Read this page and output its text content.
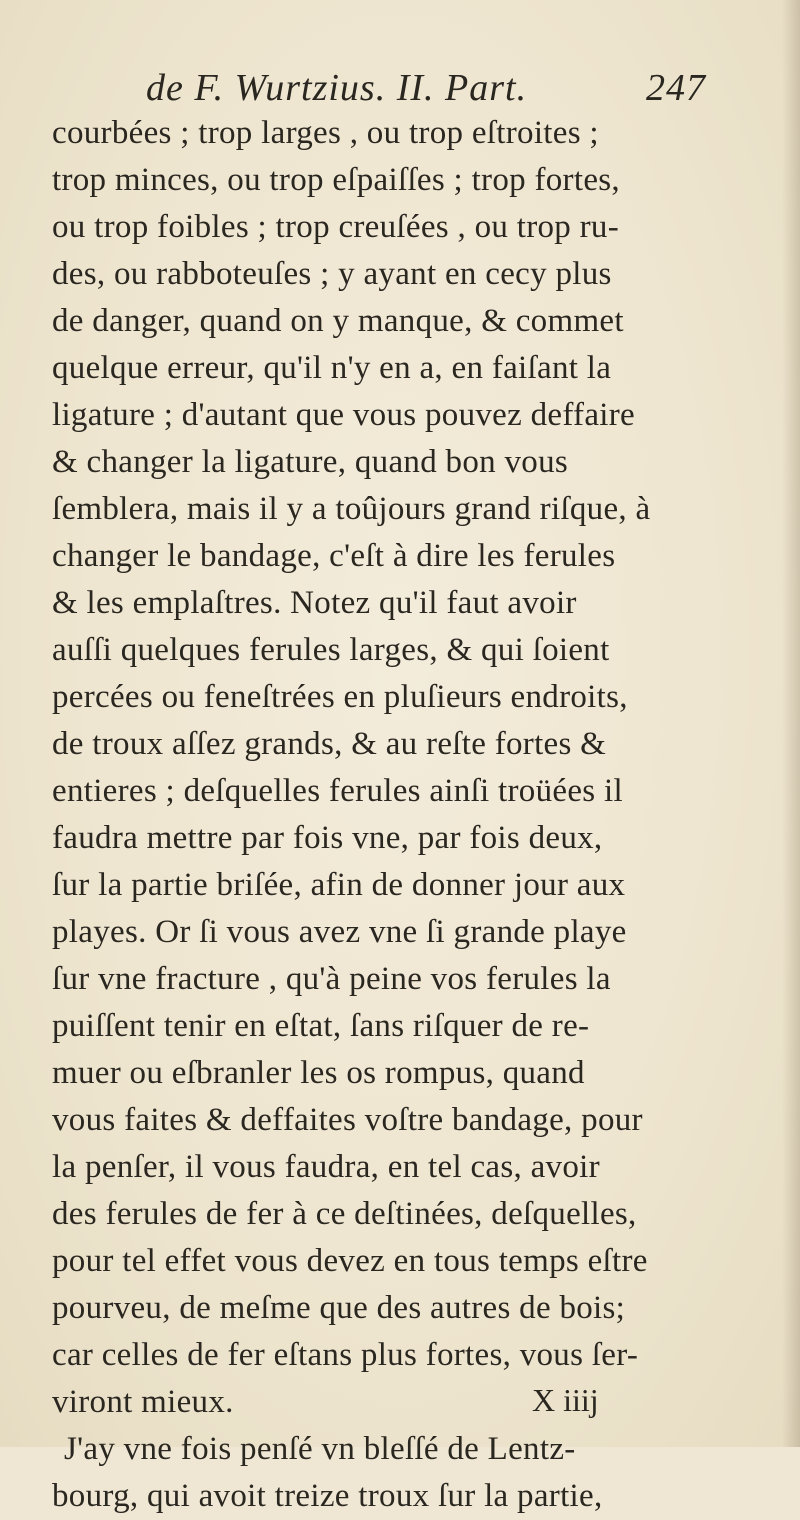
de F. Wurtzius. II. Part.	247
courbées ; trop larges , ou trop eſtroites ;
trop minces, ou trop eſpaiſſes ; trop fortes,
ou trop foibles ; trop creuſées , ou trop ru-
des, ou rabboteuſes ; y ayant en cecy plus
de danger, quand on y manque, & commet
quelque erreur, qu'il n'y en a, en faiſant la
ligature ; d'autant que vous pouvez deffaire
& changer la ligature, quand bon vous
ſemblera, mais il y a toûjours grand riſque, à
changer le bandage, c'eſt à dire les ferules
& les emplaſtres. Notez qu'il faut avoir
auſſi quelques ferules larges, & qui ſoient
percées ou feneſtrées en pluſieurs endroits,
de troux aſſez grands, & au reſte fortes &
entieres ; deſquelles ferules ainſi troüées il
faudra mettre par fois vne, par fois deux,
ſur la partie briſée, afin de donner jour aux
playes. Or ſi vous avez vne ſi grande playe
ſur vne fracture , qu'à peine vos ferules la
puiſſent tenir en eſtat, ſans riſquer de re-
muer ou eſbranler les os rompus, quand
vous faites & deffaites voſtre bandage, pour
la penſer, il vous faudra, en tel cas, avoir
des ferules de fer à ce deſtinées, deſquelles,
pour tel effet vous devez en tous temps eſtre
pourveu, de meſme que des autres de bois;
car celles de fer eſtans plus fortes, vous ſer-
viront mieux.
J'ay vne fois penſé vn bleſſé de Lentz-
bourg, qui avoit treize troux ſur la partie,
X iiij
